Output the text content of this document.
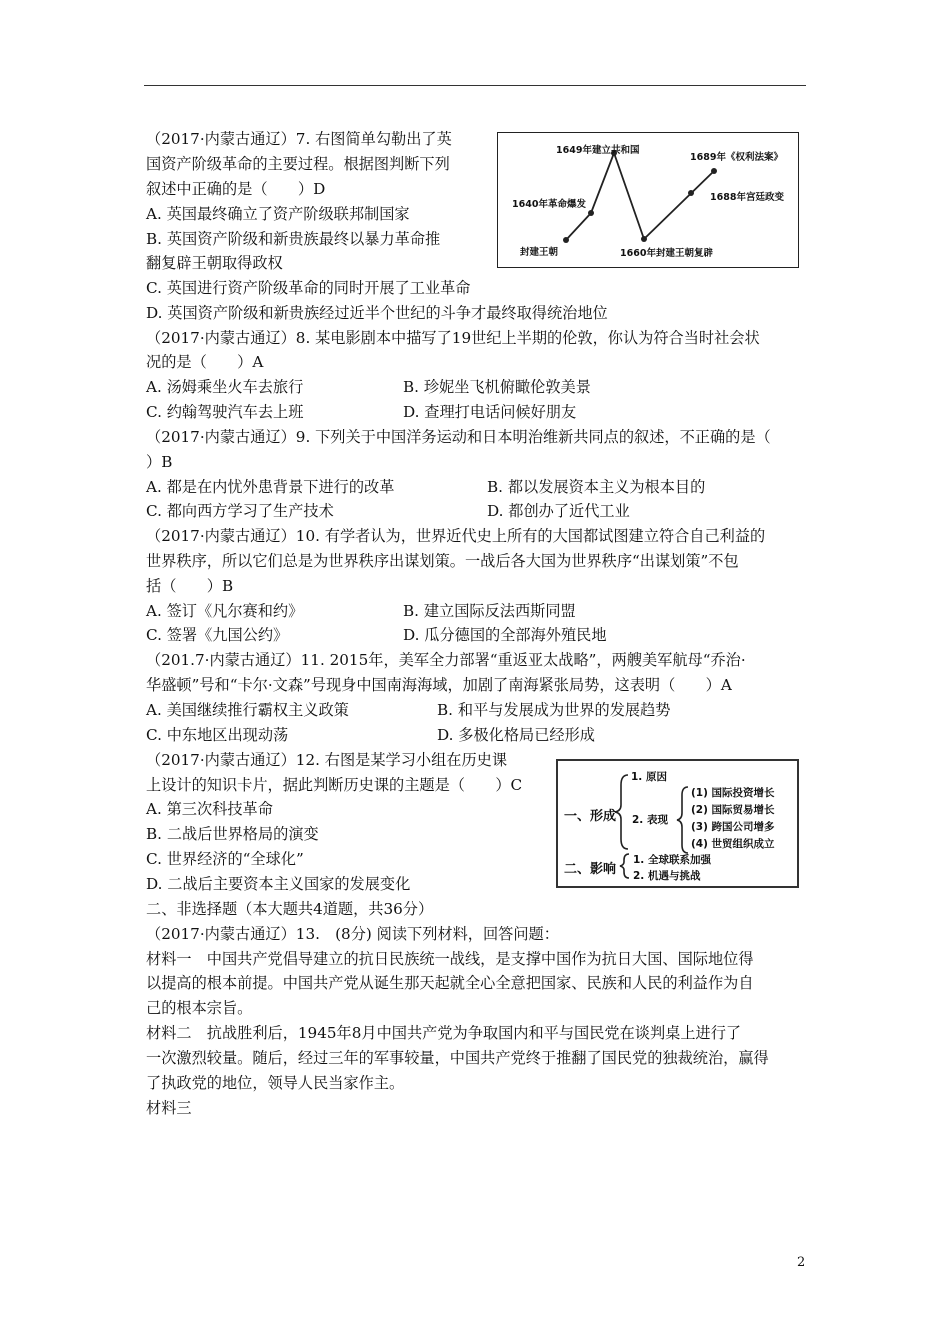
（2017·内蒙古通辽）7. 右图简单勾勒出了英
国资产阶级革命的主要过程。根据图判断下列
叙述中正确的是（　　）D
A. 英国最终确立了资产阶级联邦制国家
B. 英国资产阶级和新贵族最终以暴力革命推
翻复辟王朝取得政权
C. 英国进行资产阶级革命的同时开展了工业革命
D. 英国资产阶级和新贵族经过近半个世纪的斗争才最终取得统治地位
1649年建立共和国
1689年《权利法案》
1640年革命爆发
1688年宫廷政变
封建王朝	1660年封建王朝复辟
（2017·内蒙古通辽）8. 某电影剧本中描写了19世纪上半期的伦敦，你认为符合当时社会状
况的是（　　）A
A. 汤姆乘坐火车去旅行	B. 珍妮坐飞机俯瞰伦敦美景
C. 约翰驾驶汽车去上班	D. 查理打电话问候好朋友
（2017·内蒙古通辽）9. 下列关于中国洋务运动和日本明治维新共同点的叙述，不正确的是（
）B
A. 都是在内忧外患背景下进行的改革	B. 都以发展资本主义为根本目的
C. 都向西方学习了生产技术	D. 都创办了近代工业
（2017·内蒙古通辽）10. 有学者认为，世界近代史上所有的大国都试图建立符合自己利益的
世界秩序，所以它们总是为世界秩序出谋划策。一战后各大国为世界秩序“出谋划策”不包
括（　　）B
A. 签订《凡尔赛和约》	B. 建立国际反法西斯同盟
C. 签署《九国公约》	D. 瓜分德国的全部海外殖民地
（201.7·内蒙古通辽）11. 2015年，美军全力部署“重返亚太战略”，两艘美军航母“乔治·
华盛顿”号和“卡尔·文森”号现身中国南海海域，加剧了南海紧张局势，这表明（　　）A
A. 美国继续推行霸权主义政策	B. 和平与发展成为世界的发展趋势
C. 中东地区出现动荡	D. 多极化格局已经形成
（2017·内蒙古通辽）12. 右图是某学习小组在历史课
上设计的知识卡片，据此判断历史课的主题是（　　）C
A. 第三次科技革命
B. 二战后世界格局的演变
C. 世界经济的“全球化”
D. 二战后主要资本主义国家的发展变化
一、形成
1. 原因
2. 表现
(1) 国际投资增长
(2) 国际贸易增长
(3) 跨国公司增多
(4) 世贸组织成立
二、影响
1. 全球联系加强
2. 机遇与挑战
二、非选择题（本大题共4道题，共36分）
（2017·内蒙古通辽）13.　(8分) 阅读下列材料，回答问题：
材料一　中国共产党倡导建立的抗日民族统一战线，是支撑中国作为抗日大国、国际地位得
以提高的根本前提。中国共产党从诞生那天起就全心全意把国家、民族和人民的利益作为自
己的根本宗旨。
材料二　抗战胜利后，1945年8月中国共产党为争取国内和平与国民党在谈判桌上进行了
一次激烈较量。随后，经过三年的军事较量，中国共产党终于推翻了国民党的独裁统治，赢得
了执政党的地位，领导人民当家作主。
材料三
2
